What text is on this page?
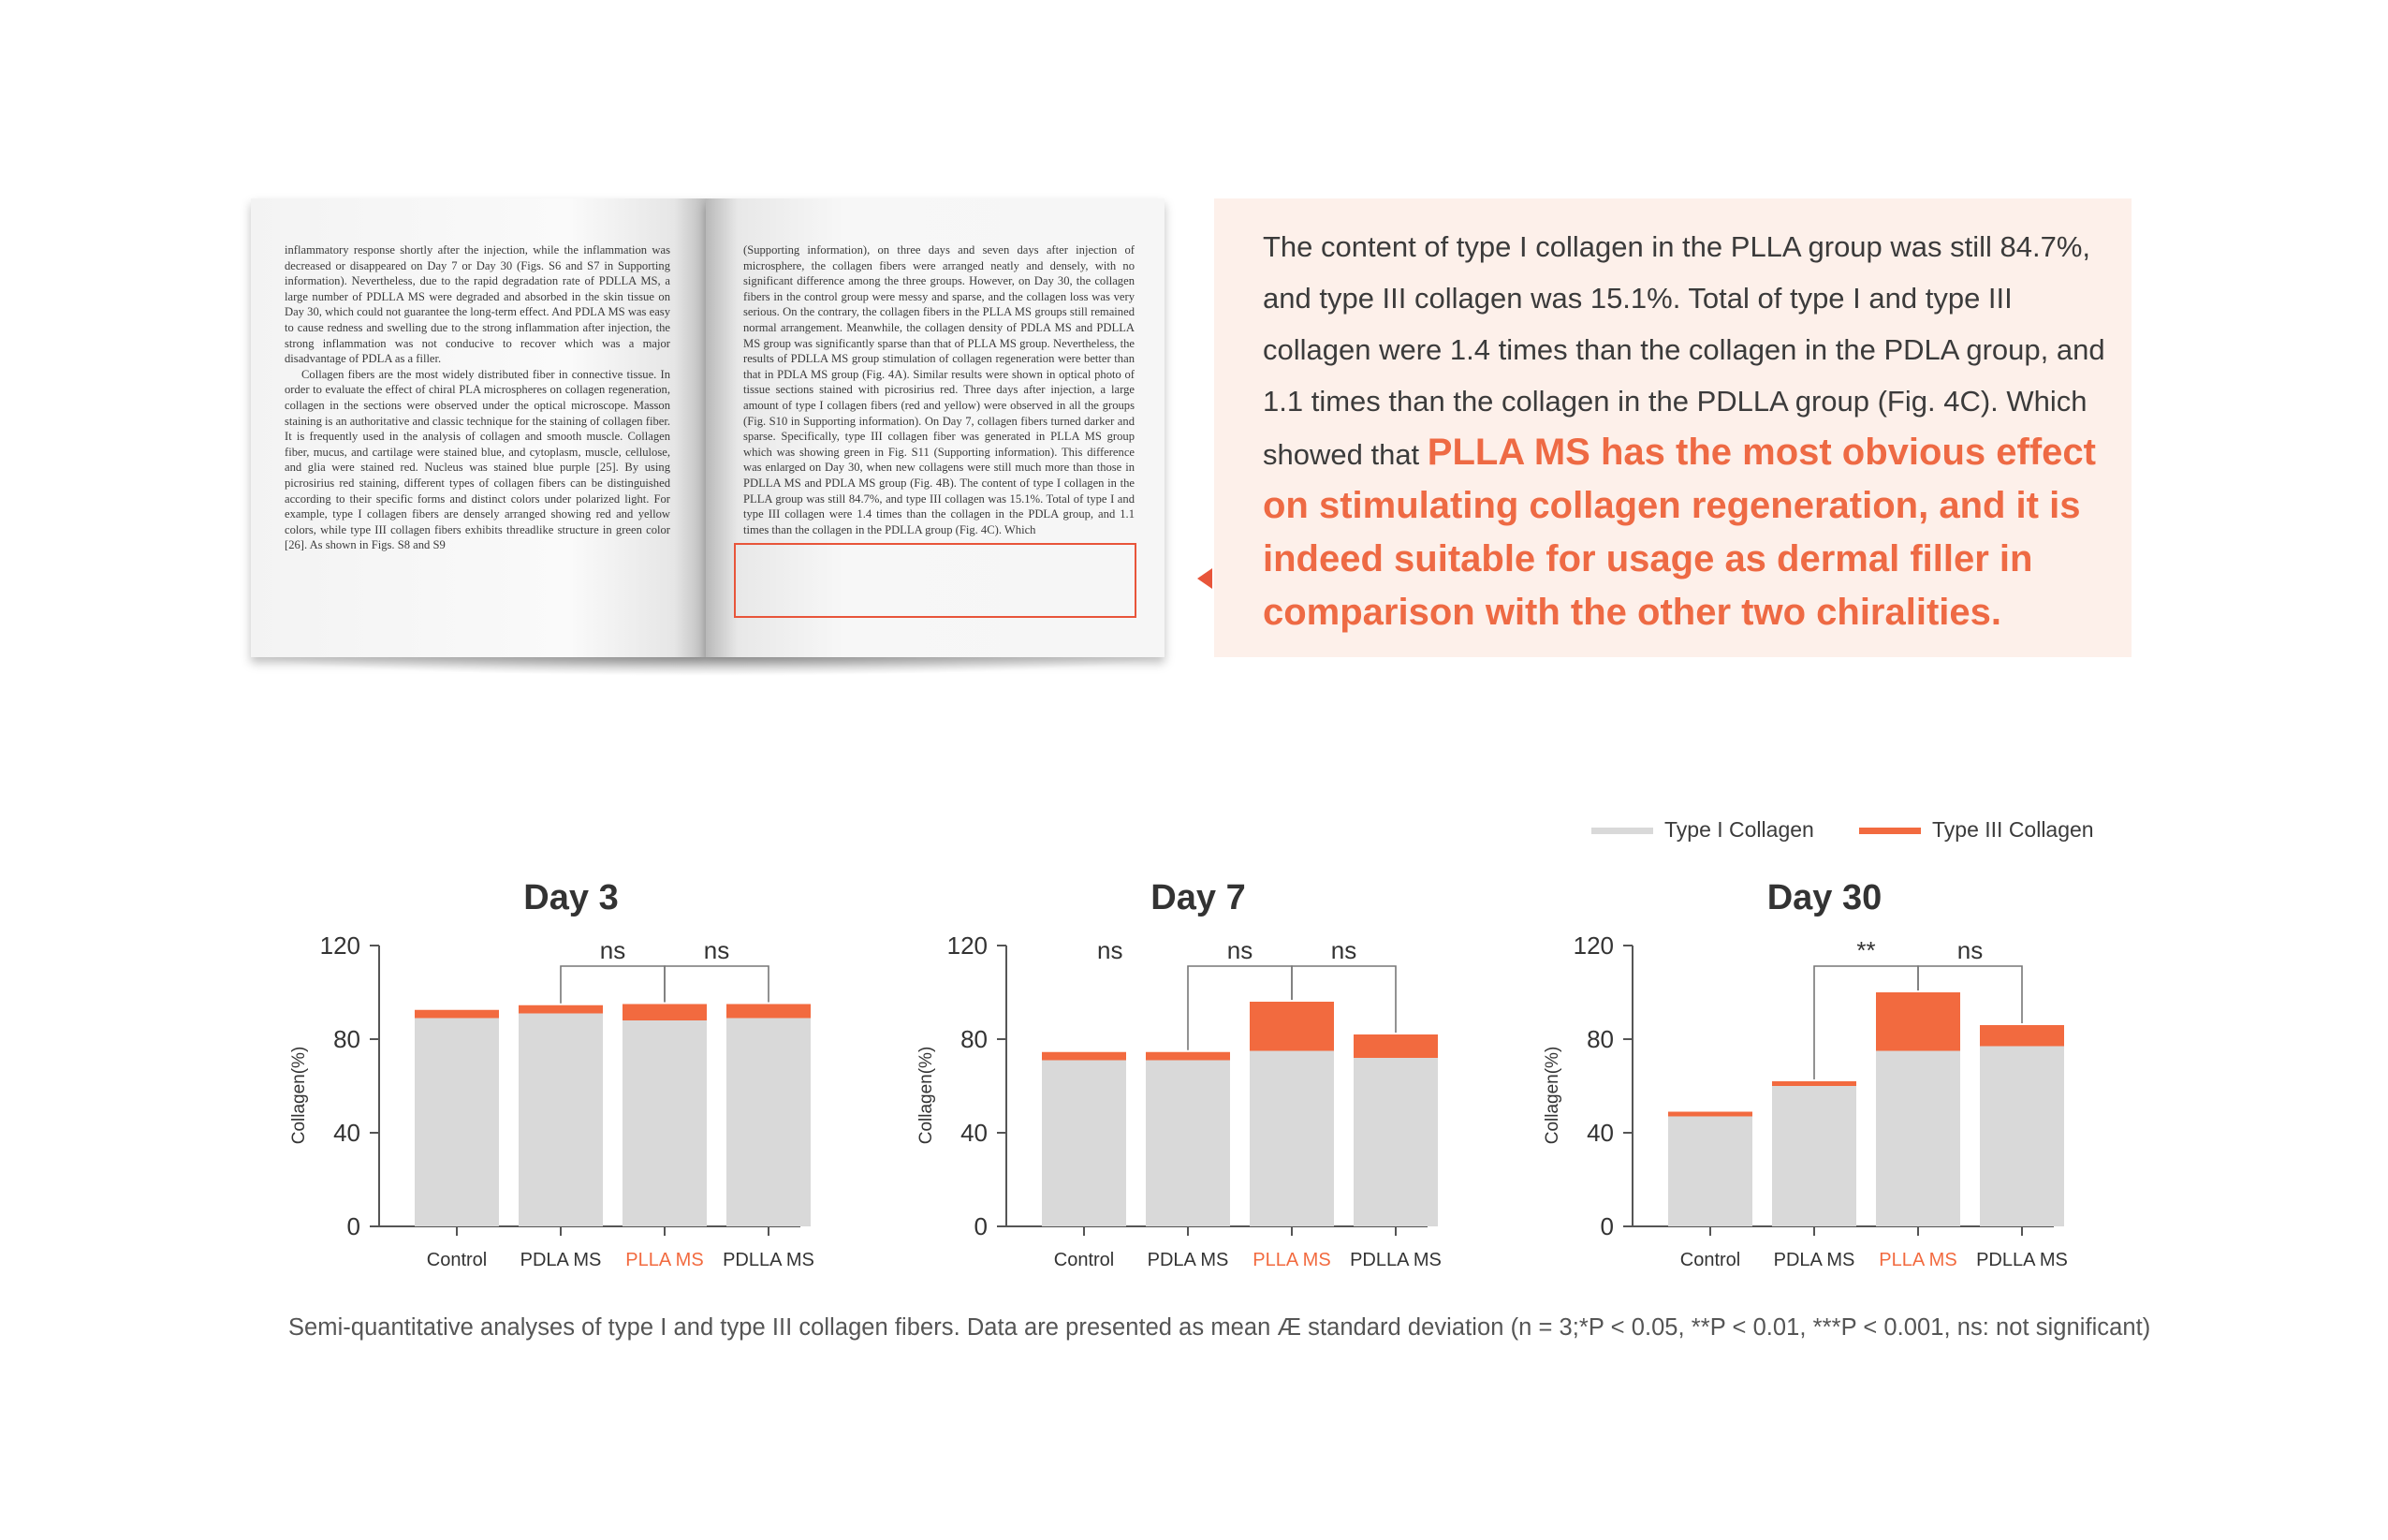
inflammatory response shortly after the injection, while the inflammation was decreased or disappeared on Day 7 or Day 30 (Figs. S6 and S7 in Supporting information). Nevertheless, due to the rapid degradation rate of PDLLA MS, a large number of PDLLA MS were degraded and absorbed in the skin tissue on Day 30, which could not guarantee the long-term effect. And PDLA MS was easy to cause redness and swelling due to the strong inflammation after injection, the strong inflammation was not conducive to recover which was a major disadvantage of PDLA as a filler.

Collagen fibers are the most widely distributed fiber in connective tissue. In order to evaluate the effect of chiral PLA microspheres on collagen regeneration, collagen in the sections were observed under the optical microscope. Masson staining is an authoritative and classic technique for the staining of collagen fiber. It is frequently used in the analysis of collagen and smooth muscle. Collagen fiber, mucus, and cartilage were stained blue, and cytoplasm, muscle, cellulose, and glia were stained red. Nucleus was stained blue purple [25]. By using picrosirius red staining, different types of collagen fibers can be distinguished according to their specific forms and distinct colors under polarized light. For example, type I collagen fibers are densely arranged showing red and yellow colors, while type III collagen fibers exhibits threadlike structure in green color [26]. As shown in Figs. S8 and S9

(Supporting information), on three days and seven days after injection of microsphere, the collagen fibers were arranged neatly and densely, with no significant difference among the three groups. However, on Day 30, the collagen fibers in the control group were messy and sparse, and the collagen loss was very serious. On the contrary, the collagen fibers in the PLLA MS groups still remained normal arrangement. Meanwhile, the collagen density of PDLA MS and PDLLA MS group was significantly sparse than that of PLLA MS group. Nevertheless, the results of PDLLA MS group stimulation of collagen regeneration were better than that in PDLA MS group (Fig. 4A). Similar results were shown in optical photo of tissue sections stained with picrosirius red. Three days after injection, a large amount of type I collagen fibers (red and yellow) were observed in all the groups (Fig. S10 in Supporting information). On Day 7, collagen fibers turned darker and sparse. Specifically, type III collagen fiber was generated in PLLA MS group which was showing green in Fig. S11 (Supporting information). This difference was enlarged on Day 30, when new collagens were still much more than those in PDLLA MS and PDLA MS group (Fig. 4B). The content of type I collagen in the PLLA group was still 84.7%, and type III collagen was 15.1%. Total of type I and type III collagen were 1.4 times than the collagen in the PDLA group, and 1.1 times than the collagen in the PDLLA group (Fig. 4C). Which

The content of type I collagen in the PLLA group was still 84.7%, and type III collagen was 15.1%. Total of type I and type III collagen were 1.4 times than the collagen in the PDLA group, and 1.1 times than the collagen in the PDLLA group (Fig. 4C). Which showed that PLLA MS has the most obvious effect on stimulating collagen regeneration, and it is indeed suitable for usage as dermal filler in comparison with the other two chiralities.
Type I Collagen	Type III Collagen
Day 3
0
40
80
120
Collagen(%)
Control PDLA MS PLLA MS PDLLA MS
ns	ns
Day 7
0
40
80
120
Collagen(%)
Control PDLA MS PLLA MS PDLLA MS
ns	ns
ns
Day 30
0
40
80
120
Collagen(%)
Control PDLA MS PLLA MS PDLLA MS
**	ns
Semi-quantitative analyses of type I and type III collagen fibers. Data are presented as mean Æ standard deviation (n = 3;*P < 0.05, **P < 0.01, ***P < 0.001, ns: not significant)
